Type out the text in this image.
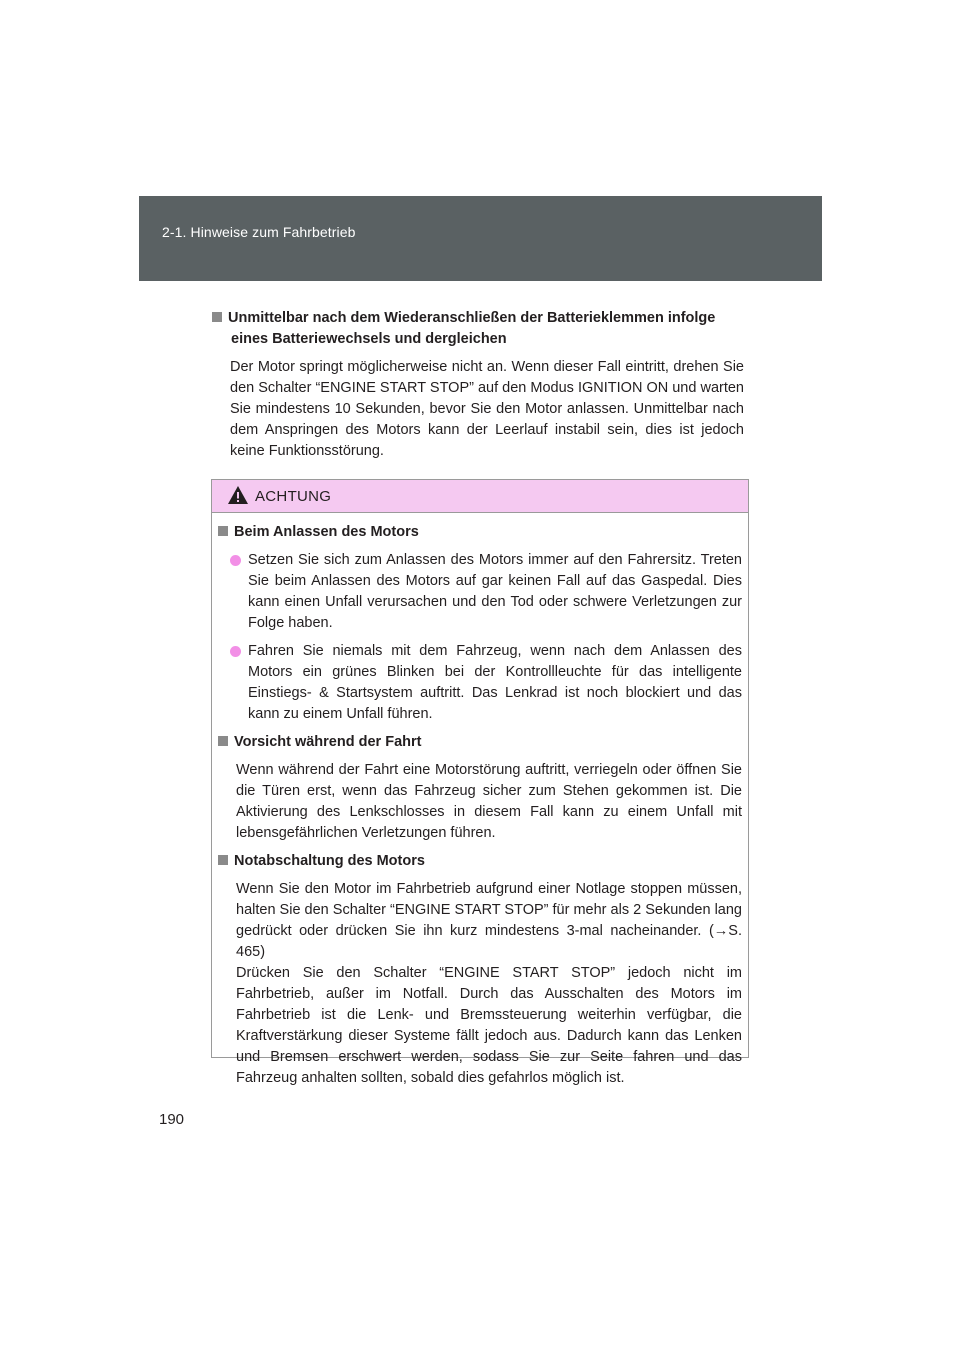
2-1. Hinweise zum Fahrbetrieb
Unmittelbar nach dem Wiederanschließen der Batterieklemmen infolge eines Batteriewechsels und dergleichen
Der Motor springt möglicherweise nicht an. Wenn dieser Fall eintritt, drehen Sie den Schalter “ENGINE START STOP” auf den Modus IGNITION ON und warten Sie mindestens 10 Sekunden, bevor Sie den Motor anlassen. Unmittelbar nach dem Anspringen des Motors kann der Leerlauf instabil sein, dies ist jedoch keine Funktionsstörung.
ACHTUNG
Beim Anlassen des Motors
Setzen Sie sich zum Anlassen des Motors immer auf den Fahrersitz. Treten Sie beim Anlassen des Motors auf gar keinen Fall auf das Gaspedal. Dies kann einen Unfall verursachen und den Tod oder schwere Verletzungen zur Folge haben.
Fahren Sie niemals mit dem Fahrzeug, wenn nach dem Anlassen des Motors ein grünes Blinken bei der Kontrollleuchte für das intelligente Einstiegs- & Startsystem auftritt. Das Lenkrad ist noch blockiert und das kann zu einem Unfall führen.
Vorsicht während der Fahrt
Wenn während der Fahrt eine Motorstörung auftritt, verriegeln oder öffnen Sie die Türen erst, wenn das Fahrzeug sicher zum Stehen gekommen ist. Die Aktivierung des Lenkschlosses in diesem Fall kann zu einem Unfall mit lebensgefährlichen Verletzungen führen.
Notabschaltung des Motors
Wenn Sie den Motor im Fahrbetrieb aufgrund einer Notlage stoppen müssen, halten Sie den Schalter “ENGINE START STOP” für mehr als 2 Sekunden lang gedrückt oder drücken Sie ihn kurz mindestens 3-mal nacheinander. (→S. 465)
Drücken Sie den Schalter “ENGINE START STOP” jedoch nicht im Fahrbetrieb, außer im Notfall. Durch das Ausschalten des Motors im Fahrbetrieb ist die Lenk- und Bremssteuerung weiterhin verfügbar, die Kraftverstärkung dieser Systeme fällt jedoch aus. Dadurch kann das Lenken und Bremsen erschwert werden, sodass Sie zur Seite fahren und das Fahrzeug anhalten sollten, sobald dies gefahrlos möglich ist.
190
